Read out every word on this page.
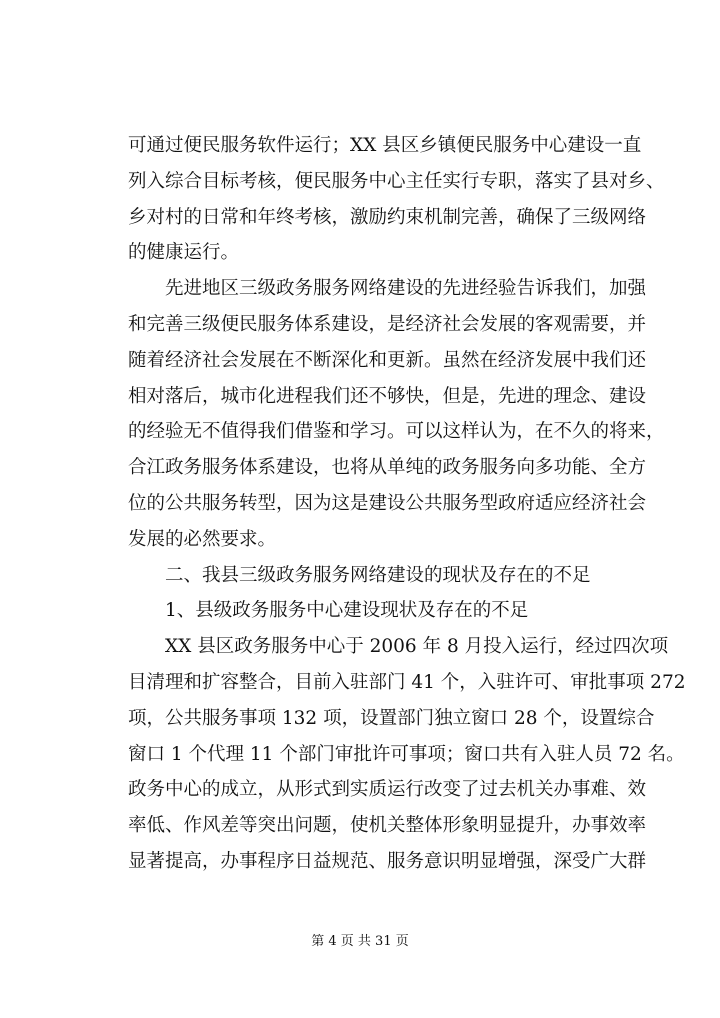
可通过便民服务软件运行；XX 县区乡镇便民服务中心建设一直
列入综合目标考核，便民服务中心主任实行专职，落实了县对乡、
乡对村的日常和年终考核，激励约束机制完善，确保了三级网络
的健康运行。
　　先进地区三级政务服务网络建设的先进经验告诉我们，加强
和完善三级便民服务体系建设，是经济社会发展的客观需要，并
随着经济社会发展在不断深化和更新。虽然在经济发展中我们还
相对落后，城市化进程我们还不够快，但是，先进的理念、建设
的经验无不值得我们借鉴和学习。可以这样认为，在不久的将来，
合江政务服务体系建设，也将从单纯的政务服务向多功能、全方
位的公共服务转型，因为这是建设公共服务型政府适应经济社会
发展的必然要求。
　　二、我县三级政务服务网络建设的现状及存在的不足
　　1、县级政务服务中心建设现状及存在的不足
　　XX 县区政务服务中心于 2006 年 8 月投入运行，经过四次项
目清理和扩容整合，目前入驻部门 41 个，入驻许可、审批事项 272
项，公共服务事项 132 项，设置部门独立窗口 28 个，设置综合
窗口 1 个代理 11 个部门审批许可事项；窗口共有入驻人员 72 名。
政务中心的成立，从形式到实质运行改变了过去机关办事难、效
率低、作风差等突出问题，使机关整体形象明显提升，办事效率
显著提高，办事程序日益规范、服务意识明显增强，深受广大群
第 4 页 共 31 页
